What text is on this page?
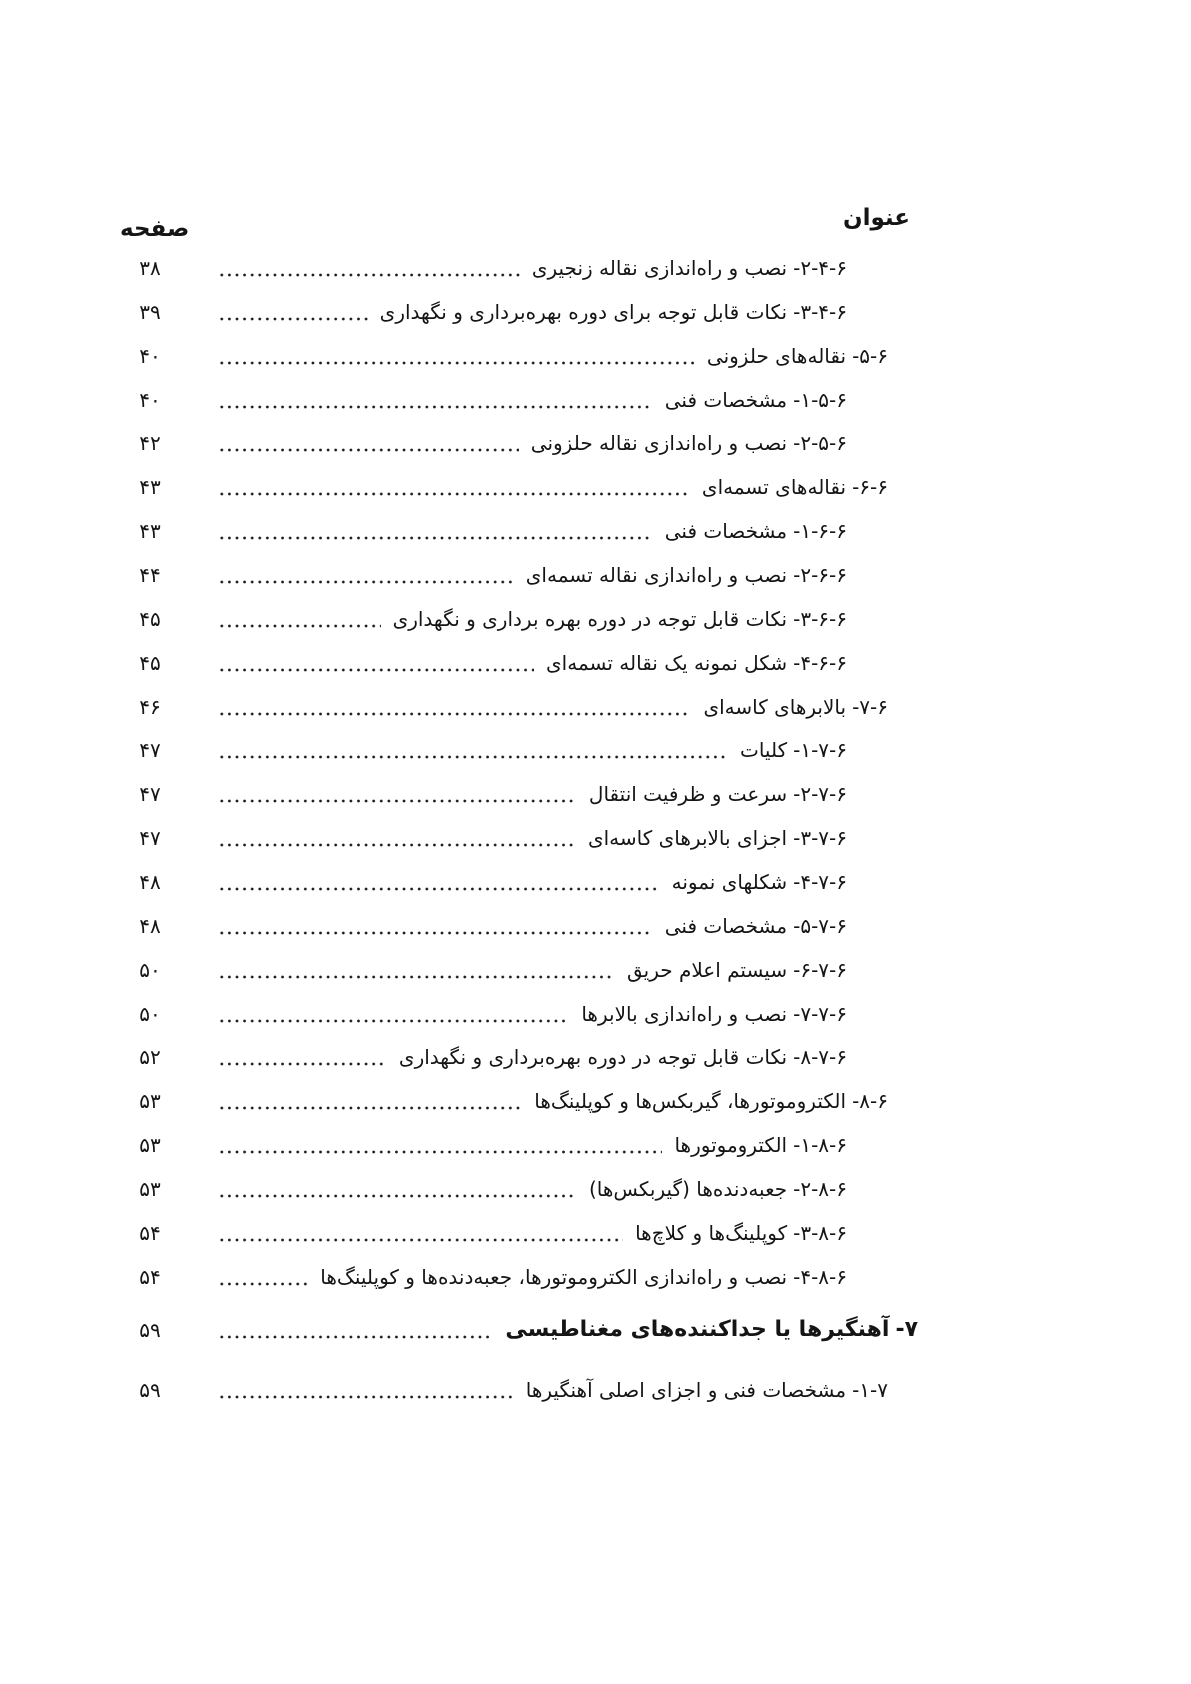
عنوان
صفحه
۶-۴-۲-
نصب و راه‌اندازی نقاله زنجیری
۳۸
۶-۴-۳-
نکات قابل توجه برای دوره بهره‌برداری و نگهداری
۳۹
۶-۵-
نقاله‌های حلزونی
۴۰
۶-۵-۱-
مشخصات فنی
۴۰
۶-۵-۲-
نصب و راه‌اندازی نقاله حلزونی
۴۲
۶-۶-
نقاله‌های تسمه‌ای
۴۳
۶-۶-۱-
مشخصات فنی
۴۳
۶-۶-۲-
نصب و راه‌اندازی نقاله تسمه‌ای
۴۴
۶-۶-۳-
نکات قابل توجه در دوره بهره برداری و نگهداری
۴۵
۶-۶-۴-
شکل نمونه یک نقاله تسمه‌ای
۴۵
۶-۷-
بالابرهای کاسه‌ای
۴۶
۶-۷-۱-
کلیات
۴۷
۶-۷-۲-
سرعت و ظرفیت انتقال
۴۷
۶-۷-۳-
اجزای بالابرهای کاسه‌ای
۴۷
۶-۷-۴-
شکلهای نمونه
۴۸
۶-۷-۵-
مشخصات فنی
۴۸
۶-۷-۶-
سیستم اعلام حریق
۵۰
۶-۷-۷-
نصب و راه‌اندازی بالابرها
۵۰
۶-۷-۸-
نکات قابل توجه در دوره بهره‌برداری و نگهداری
۵۲
۶-۸-
الکتروموتورها، گیربکس‌ها و کوپلینگ‌ها
۵۳
۶-۸-۱-
الکتروموتورها
۵۳
۶-۸-۲-
جعبه‌دنده‌ها (گیربکس‌ها)
۵۳
۶-۸-۳-
کوپلینگ‌ها و کلاچ‌ها
۵۴
۶-۸-۴-
نصب و راه‌اندازی الکتروموتورها، جعبه‌دنده‌ها و کوپلینگ‌ها
۵۴
۷-
آهنگیرها یا جداکننده‌های مغناطیسی
۵۹
۷-۱-
مشخصات فنی و اجزای اصلی آهنگیرها
۵۹
